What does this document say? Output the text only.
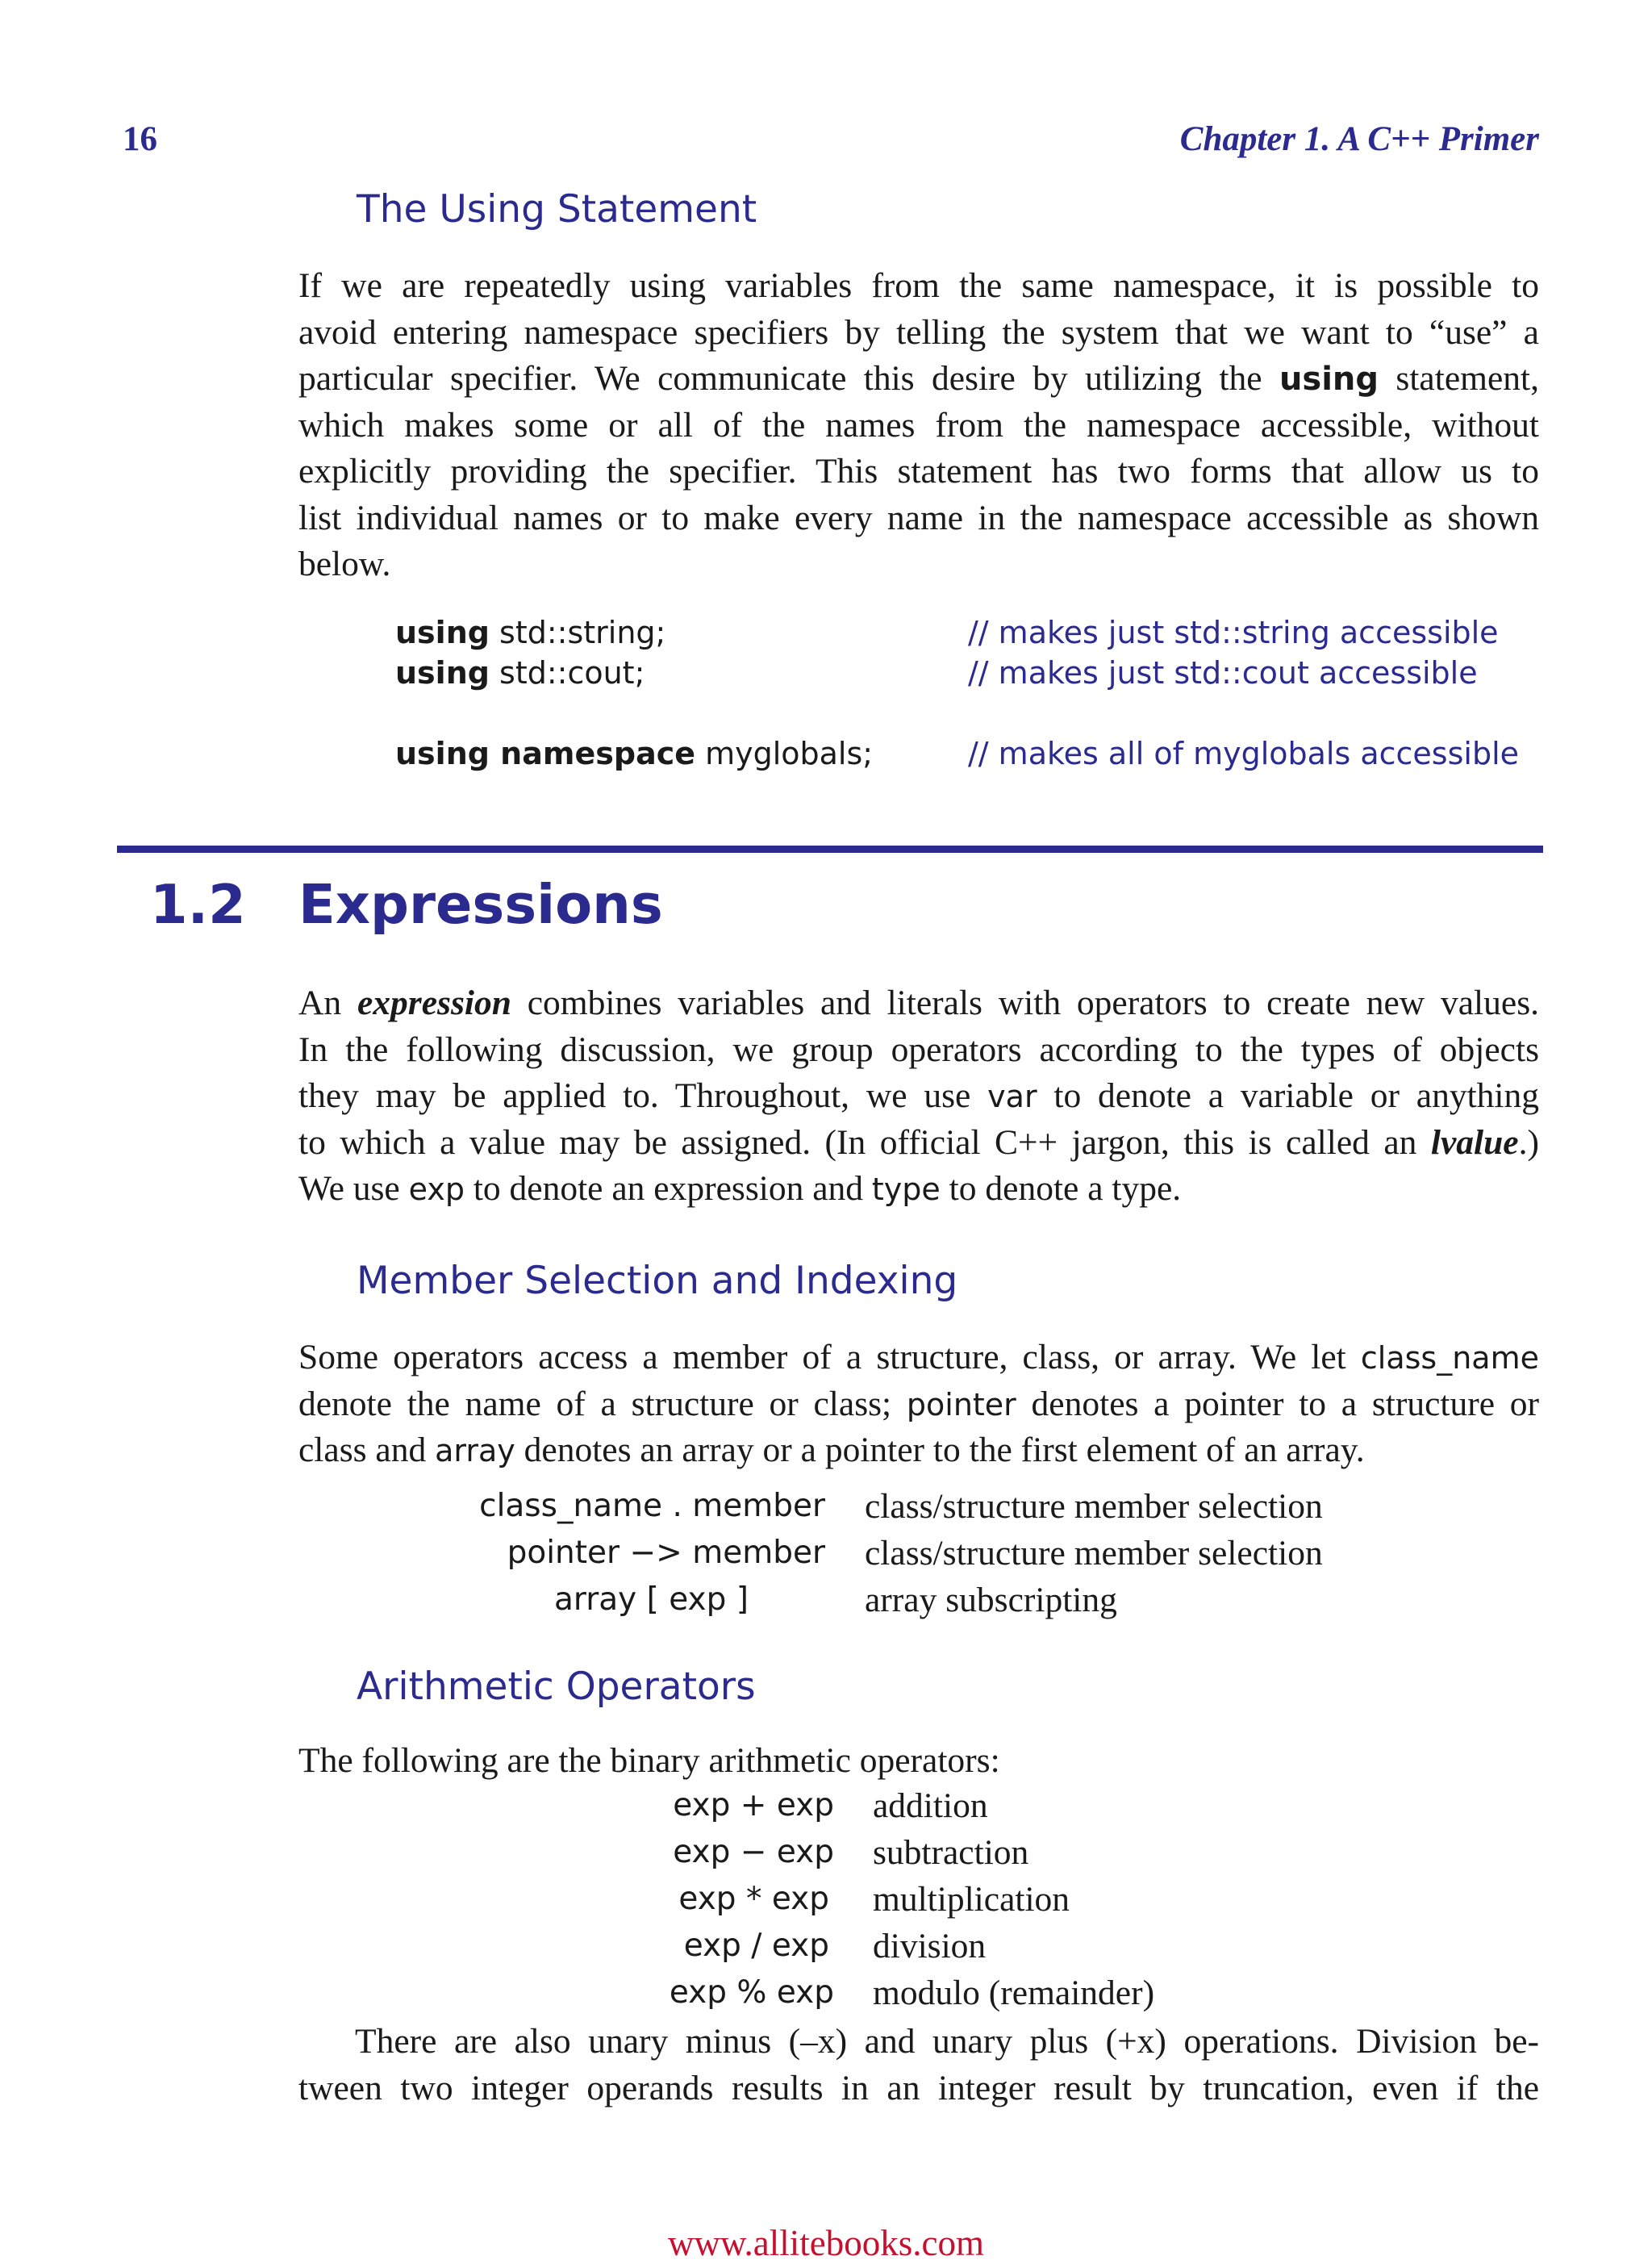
16	Chapter 1. A C++ Primer
The Using Statement
If we are repeatedly using variables from the same namespace, it is possible to
avoid entering namespace specifiers by telling the system that we want to “use” a
particular specifier. We communicate this desire by utilizing the using statement,
which makes some or all of the names from the namespace accessible, without
explicitly providing the specifier. This statement has two forms that allow us to
list individual names or to make every name in the namespace accessible as shown
below.
using std::string;	// makes just std::string accessible
using std::cout;	// makes just std::cout accessible
using namespace myglobals;	// makes all of myglobals accessible
1.2 Expressions
An expression combines variables and literals with operators to create new values.
In the following discussion, we group operators according to the types of objects
they may be applied to. Throughout, we use var to denote a variable or anything
to which a value may be assigned. (In official C++ jargon, this is called an lvalue.)
We use exp to denote an expression and type to denote a type.
Member Selection and Indexing
Some operators access a member of a structure, class, or array. We let class_name
denote the name of a structure or class; pointer denotes a pointer to a structure or
class and array denotes an array or a pointer to the first element of an array.
class_name . member class/structure member selection
pointer −> member class/structure member selection
array [ exp ]	array subscripting
Arithmetic Operators
The following are the binary arithmetic operators:
exp + exp addition
exp − exp subtraction
exp * exp multiplication
exp / exp division
exp % exp modulo (remainder)
There are also unary minus (–x) and unary plus (+x) operations. Division be-
tween two integer operands results in an integer result by truncation, even if the
www.allitebooks.com
